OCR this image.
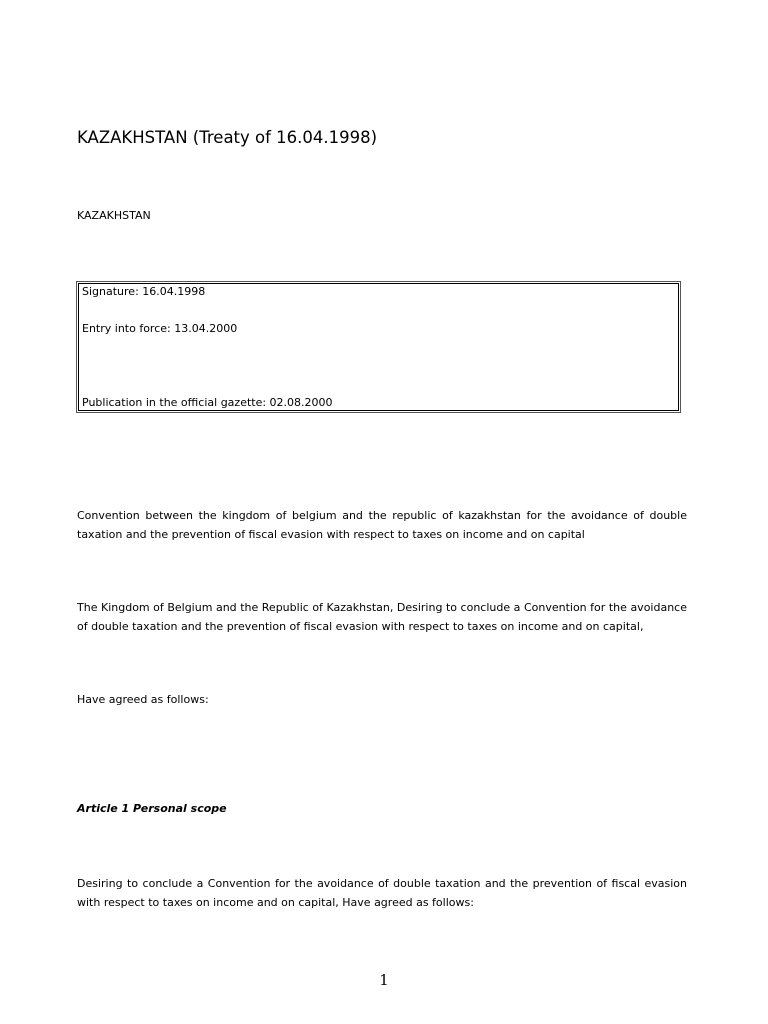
KAZAKHSTAN (Treaty of 16.04.1998)

KAZAKHSTAN

Signature: 16.04.1998

Entry into force: 13.04.2000

Publication in the official gazette: 02.08.2000

Convention between the kingdom of belgium and the republic of kazakhstan for the avoidance of double taxation and the prevention of fiscal evasion with respect to taxes on income and on capital

The Kingdom of Belgium and the Republic of Kazakhstan, Desiring to conclude a Convention for the avoidance of double taxation and the prevention of fiscal evasion with respect to taxes on income and on capital,

Have agreed as follows:

Article 1 Personal scope

Desiring to conclude a Convention for the avoidance of double taxation and the prevention of fiscal evasion with respect to taxes on income and on capital, Have agreed as follows:

1
